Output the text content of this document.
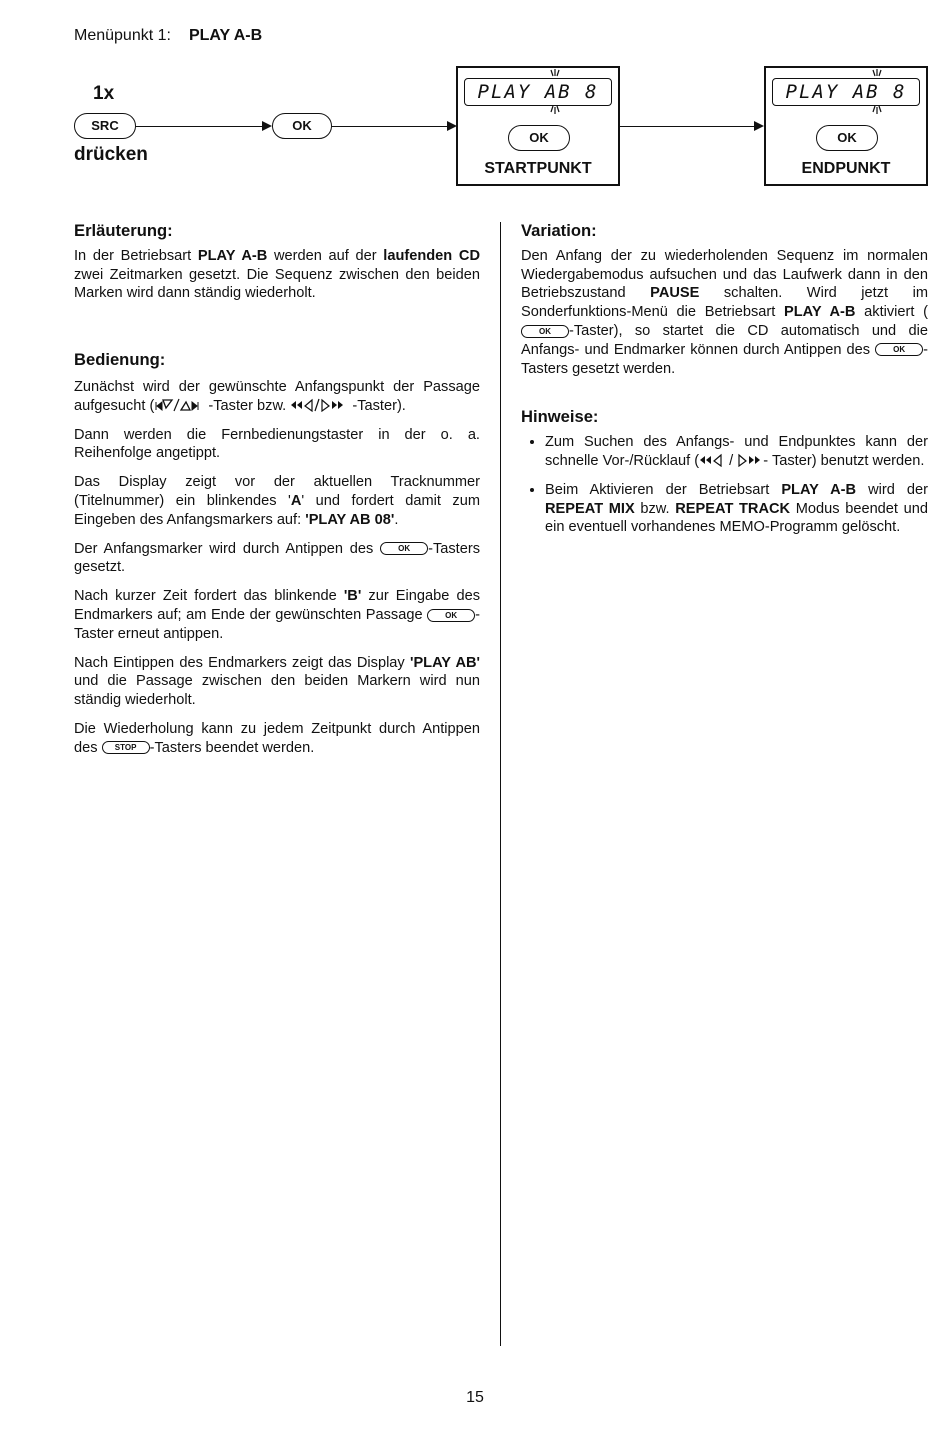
Menüpunkt 1: PLAY A-B
1x
SRC
drücken
OK
PLAY AB 8
OK
STARTPUNKT
PLAY AB 8
OK
ENDPUNKT
Erläuterung:

In der Betriebsart PLAY A-B werden auf der laufenden CD zwei Zeitmarken gesetzt. Die Sequenz zwischen den beiden Marken wird dann ständig wiederholt.

Bedienung:

Zunächst wird der gewünschte Anfangspunkt der Passage aufgesucht (	-Taster bzw.	-Taster).

Dann werden die Fernbedienungstaster in der o. a. Reihenfolge angetippt.

Das Display zeigt vor der aktuellen Tracknummer (Titelnummer) ein blinkendes 'A' und fordert damit zum Eingeben des Anfangsmarkers auf: 'PLAY AB 08'.

Der Anfangsmarker wird durch Antippen des OK -Tasters gesetzt.

Nach kurzer Zeit fordert das blinkende 'B' zur Eingabe des Endmarkers auf; am Ende der gewünschten Passage OK -Taster erneut antippen.

Nach Eintippen des Endmarkers zeigt das Display 'PLAY AB' und die Passage zwischen den beiden Markern wird nun ständig wiederholt.

Die Wiederholung kann zu jedem Zeitpunkt durch Antippen des STOP -Tasters beendet werden.

Variation:

Den Anfang der zu wiederholenden Sequenz im normalen Wiedergabemodus aufsuchen und das Laufwerk dann in den Betriebszustand PAUSE schalten. Wird jetzt im Sonderfunktions-Menü die Betriebsart PLAY A-B aktiviert (OK -Taster), so startet die CD automatisch und die Anfangs- und Endmarker können durch Antippen des OK -Tasters gesetzt werden.

Hinweise:
• Zum Suchen des Anfangs- und Endpunktes kann der schnelle Vor-/Rücklauf ( / - Taster) benutzt werden.
• Beim Aktivieren der Betriebsart PLAY A-B wird der REPEAT MIX bzw. REPEAT TRACK Modus beendet und ein eventuell vorhandenes MEMO-Programm gelöscht.
15
